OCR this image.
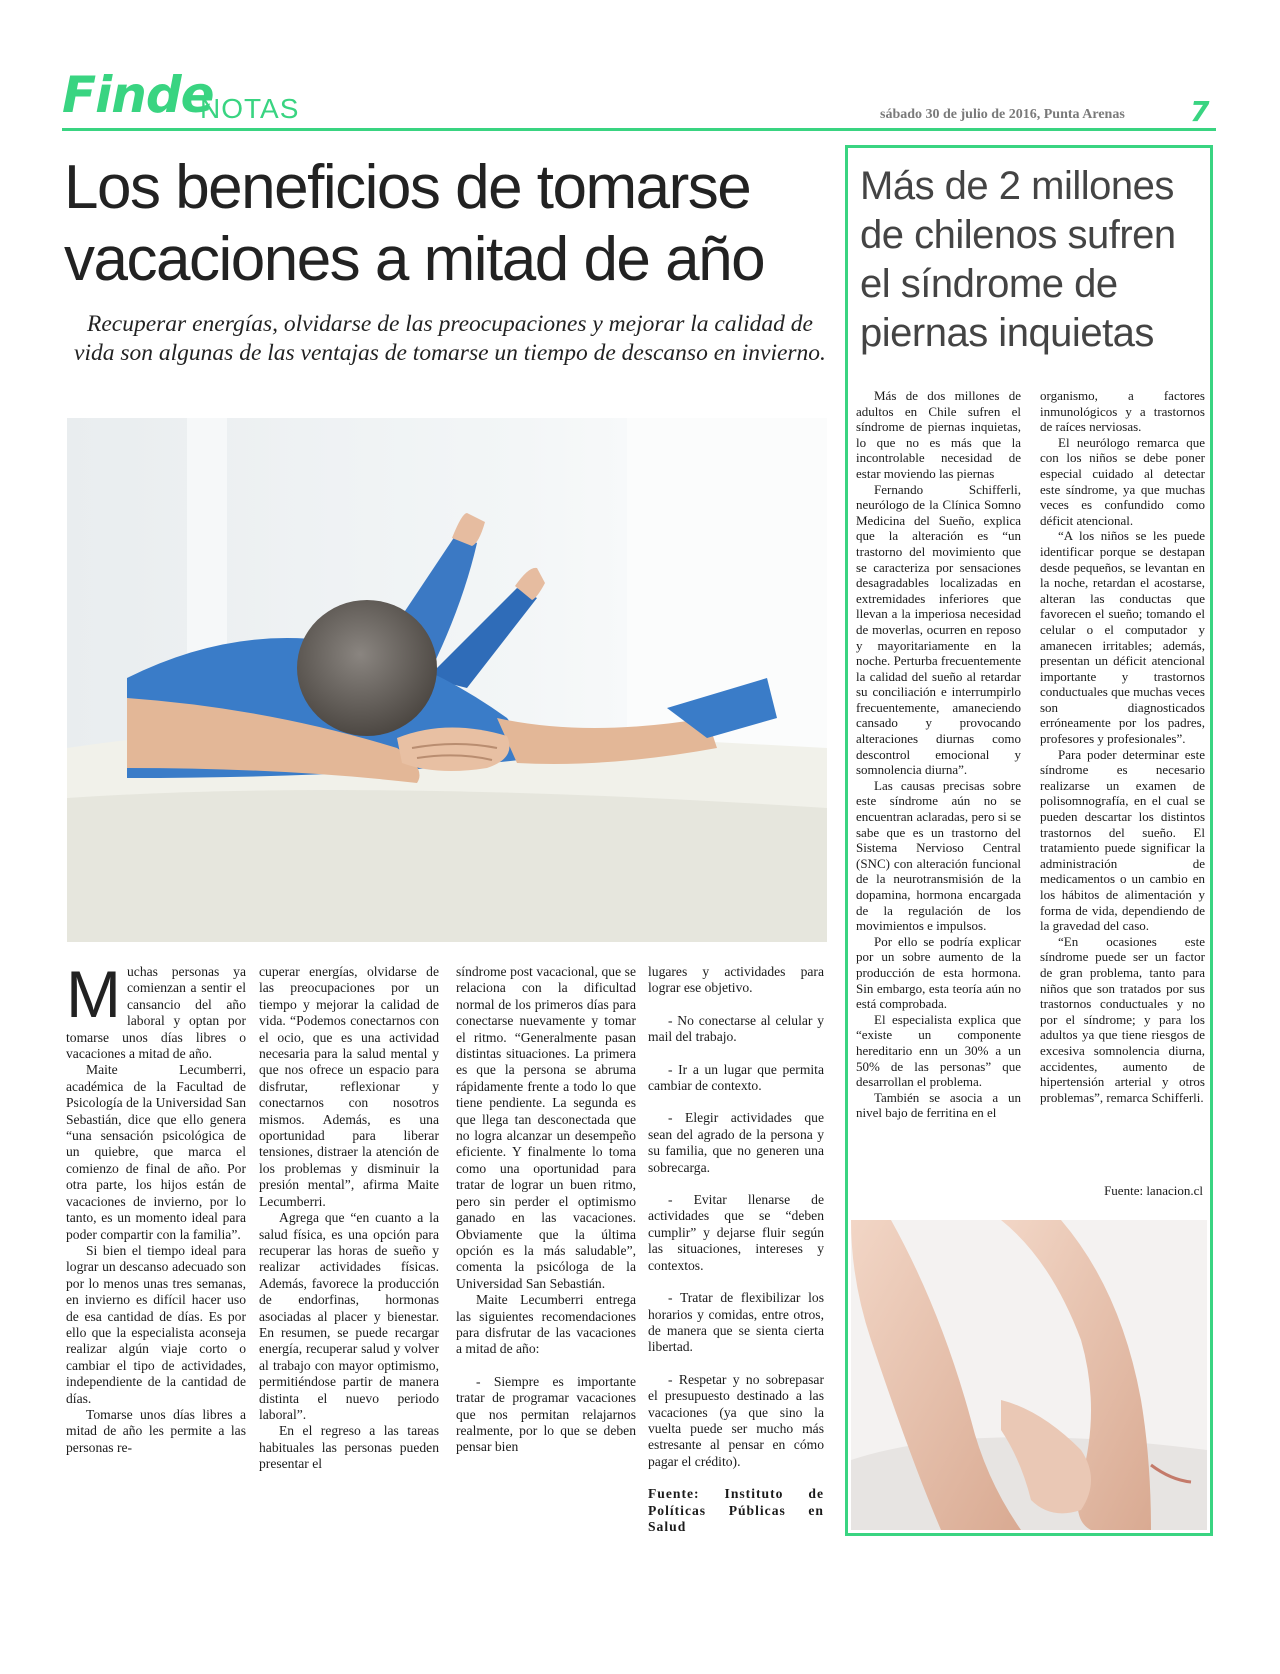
Finde
NOTAS	sábado 30 de julio de 2016, Punta Arenas 7
Los beneficios de tomarse vacaciones a mitad de año
Recuperar energías, olvidarse de las preocupaciones y mejorar la calidad de vida son algunas de las ventajas de tomarse un tiempo de descanso en invierno.

Muchas personas ya comienzan a sentir el cansancio del año laboral y optan por tomarse unos días libres o vacaciones a mitad de año.

Maite Lecumberri, académica de la Facultad de Psicología de la Universidad San Sebastián, dice que ello genera “una sensación psicológica de un quiebre, que marca el comienzo de final de año. Por otra parte, los hijos están de vacaciones de invierno, por lo tanto, es un momento ideal para poder compartir con la familia”.

Si bien el tiempo ideal para lograr un descanso adecuado son por lo menos unas tres semanas, en invierno es difícil hacer uso de esa cantidad de días. Es por ello que la especialista aconseja realizar algún viaje corto o cambiar el tipo de actividades, independiente de la cantidad de días.

Tomarse unos días libres a mitad de año les permite a las personas re-

cuperar energías, olvidarse de las preocupaciones por un tiempo y mejorar la calidad de vida. “Podemos conectarnos con el ocio, que es una actividad necesaria para la salud mental y que nos ofrece un espacio para disfrutar, reflexionar y conectarnos con nosotros mismos. Además, es una oportunidad para liberar tensiones, distraer la atención de los problemas y disminuir la presión mental”, afirma Maite Lecumberri.

Agrega que “en cuanto a la salud física, es una opción para recuperar las horas de sueño y realizar actividades físicas. Además, favorece la producción de endorfinas, hormonas asociadas al placer y bienestar. En resumen, se puede recargar energía, recuperar salud y volver al trabajo con mayor optimismo, permitiéndose partir de manera distinta el nuevo periodo laboral”.

En el regreso a las tareas habituales las personas pueden presentar el

síndrome post vacacional, que se relaciona con la dificultad normal de los primeros días para conectarse nuevamente y tomar el ritmo. “Generalmente pasan distintas situaciones. La primera es que la persona se abruma rápidamente frente a todo lo que tiene pendiente. La segunda es que llega tan desconectada que no logra alcanzar un desempeño eficiente. Y finalmente lo toma como una oportunidad para tratar de lograr un buen ritmo, pero sin perder el optimismo ganado en las vacaciones. Obviamente que la última opción es la más saludable”, comenta la psicóloga de la Universidad San Sebastián.

Maite Lecumberri entrega las siguientes recomendaciones para disfrutar de las vacaciones a mitad de año:

- Siempre es importante tratar de programar vacaciones que nos permitan relajarnos realmente, por lo que se deben pensar bien

lugares y actividades para lograr ese objetivo.

- No conectarse al celular y mail del trabajo.

- Ir a un lugar que permita cambiar de contexto.

- Elegir actividades que sean del agrado de la persona y su familia, que no generen una sobrecarga.

- Evitar llenarse de actividades que se “deben cumplir” y dejarse fluir según las situaciones, intereses y contextos.

- Tratar de flexibilizar los horarios y comidas, entre otros, de manera que se sienta cierta libertad.

- Respetar y no sobrepasar el presupuesto destinado a las vacaciones (ya que sino la vuelta puede ser mucho más estresante al pensar en cómo pagar el crédito).

Fuente: Instituto de Políticas Públicas en Salud

Más de 2 millones de chilenos sufren el síndrome de piernas inquietas

Más de dos millones de adultos en Chile sufren el síndrome de piernas inquietas, lo que no es más que la incontrolable necesidad de estar moviendo las piernas

Fernando Schifferli, neurólogo de la Clínica Somno Medicina del Sueño, explica que la alteración es “un trastorno del movimiento que se caracteriza por sensaciones desagradables localizadas en extremidades inferiores que llevan a la imperiosa necesidad de moverlas, ocurren en reposo y mayoritariamente en la noche. Perturba frecuentemente la calidad del sueño al retardar su conciliación e interrumpirlo frecuentemente, amaneciendo cansado y provocando alteraciones diurnas como descontrol emocional y somnolencia diurna”.

Las causas precisas sobre este síndrome aún no se encuentran aclaradas, pero si se sabe que es un trastorno del Sistema Nervioso Central (SNC) con alteración funcional de la neurotransmisión de la dopamina, hormona encargada de la regulación de los movimientos e impulsos.

Por ello se podría explicar por un sobre aumento de la producción de esta hormona. Sin embargo, esta teoría aún no está comprobada.

El especialista explica que “existe un componente hereditario enn un 30% a un 50% de las personas” que desarrollan el problema.

También se asocia a un nivel bajo de ferritina en el

organismo, a factores inmunológicos y a trastornos de raíces nerviosas.

El neurólogo remarca que con los niños se debe poner especial cuidado al detectar este síndrome, ya que muchas veces es confundido como déficit atencional.

“A los niños se les puede identificar porque se destapan desde pequeños, se levantan en la noche, retardan el acostarse, alteran las conductas que favorecen el sueño; tomando el celular o el computador y amanecen irritables; además, presentan un déficit atencional importante y trastornos conductuales que muchas veces son diagnosticados erróneamente por los padres, profesores y profesionales”.

Para poder determinar este síndrome es necesario realizarse un examen de polisomnografía, en el cual se pueden descartar los distintos trastornos del sueño. El tratamiento puede significar la administración de medicamentos o un cambio en los hábitos de alimentación y forma de vida, dependiendo de la gravedad del caso.

“En ocasiones este síndrome puede ser un factor de gran problema, tanto para niños que son tratados por sus trastornos conductuales y no por el síndrome; y para los adultos ya que tiene riesgos de excesiva somnolencia diurna, accidentes, aumento de hipertensión arterial y otros problemas”, remarca Schifferli.

Fuente: lanacion.cl
